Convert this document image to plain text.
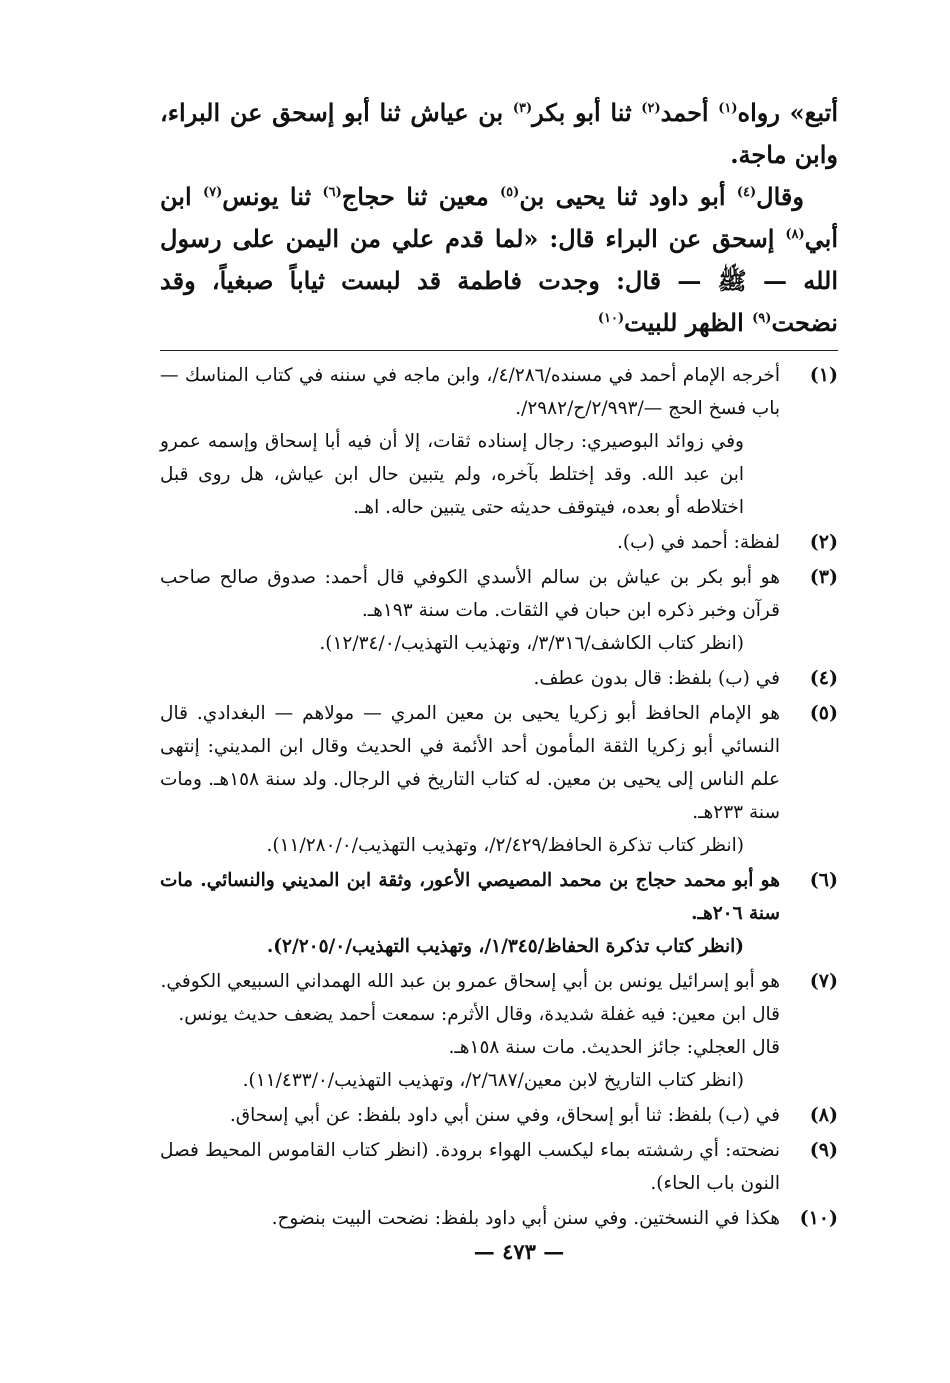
أتبع» رواه$^{(١)}$ أحمد$^{(٢)}$ ثنا أبو بكر$^{(٣)}$ بن عياش ثنا أبو إسحق عن البراء، وابن ماجة.

وقال$^{(٤)}$ أبو داود ثنا يحيى بن$^{(٥)}$ معين ثنا حجاج$^{(٦)}$ ثنا يونس$^{(٧)}$ ابن أبي$^{(٨)}$ إسحق عن البراء قال: «لما قدم علي من اليمن على رسول الله — ﷺ — قال: وجدت فاطمة قد لبست ثياباً صبغياً، وقد نضحت$^{(٩)}$ الظهر للبيت$^{(١٠)}$

(١)

أخرجه الإمام أحمد في مسنده/٤/٢٨٦/، وابن ماجه في سننه في كتاب المناسك — باب فسخ الحج —/٢/٩٩٣/ح/٢٩٨٢/.

وفي زوائد البوصيري: رجال إسناده ثقات، إلا أن فيه أبا إسحاق وإسمه عمرو ابن عبد الله. وقد إختلط بآخره، ولم يتبين حال ابن عياش، هل روى قبل اختلاطه أو بعده، فيتوقف حديثه حتى يتبين حاله. اهـ.

(٢)

لفظة: أحمد في (ب).

(٣)

هو أبو بكر بن عياش بن سالم الأسدي الكوفي قال أحمد: صدوق صالح صاحب قرآن وخبر ذكره ابن حبان في الثقات. مات سنة ١٩٣هـ.

(انظر كتاب الكاشف/٣/٣١٦/، وتهذيب التهذيب/١٢/٣٤/٠).

(٤)

في (ب) بلفظ: قال بدون عطف.

(٥)

هو الإمام الحافظ أبو زكريا يحيى بن معين المري — مولاهم — البغدادي. قال النسائي أبو زكريا الثقة المأمون أحد الأئمة في الحديث وقال ابن المديني: إنتهى علم الناس إلى يحيى بن معين. له كتاب التاريخ في الرجال. ولد سنة ١٥٨هـ. ومات سنة ٢٣٣هـ.

(انظر كتاب تذكرة الحافظ/٢/٤٢٩/، وتهذيب التهذيب/١١/٢٨٠/٠).

(٦)

هو أبو محمد حجاج بن محمد المصيصي الأعور، وثقة ابن المديني والنسائي. مات سنة ٢٠٦هـ.

(انظر كتاب تذكرة الحفاظ/١/٣٤٥/، وتهذيب التهذيب/٢/٢٠٥/٠).

(٧)

هو أبو إسرائيل يونس بن أبي إسحاق عمرو بن عبد الله الهمداني السبيعي الكوفي.

قال ابن معين: فيه غفلة شديدة، وقال الأثرم: سمعت أحمد يضعف حديث يونس.

قال العجلي: جائز الحديث. مات سنة ١٥٨هـ.

(انظر كتاب التاريخ لابن معين/٢/٦٨٧/، وتهذيب التهذيب/١١/٤٣٣/٠).

(٨)

في (ب) بلفظ: ثنا أبو إسحاق، وفي سنن أبي داود بلفظ: عن أبي إسحاق.

(٩)

نضحته: أي رششته بماء ليكسب الهواء برودة. (انظر كتاب القاموس المحيط فصل النون باب الحاء).

(١٠)

هكذا في النسختين. وفي سنن أبي داود بلفظ: نضحت البيت بنضوح.

— ٤٧٣ —
